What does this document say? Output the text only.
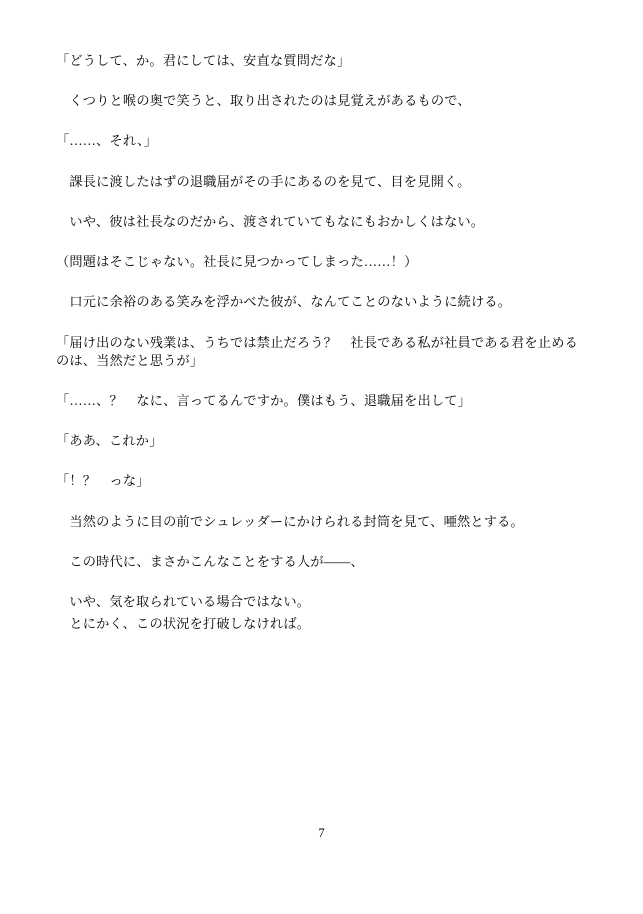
「どうして、か。君にしては、安直な質問だな」

　くつりと喉の奥で笑うと、取り出されたのは見覚えがあるもので、

「……、それ、」

　課長に渡したはずの退職届がその手にあるのを見て、目を見開く。

　いや、彼は社長なのだから、渡されていてもなにもおかしくはない。

（問題はそこじゃない。社長に見つかってしまった……！）

　口元に余裕のある笑みを浮かべた彼が、なんてことのないように続ける。

「届け出のない残業は、うちでは禁止だろう？　社長である私が社員である君を止めるのは、当然だと思うが」

「……、？　なに、言ってるんですか。僕はもう、退職届を出して」

「ああ、これか」

「！？　っな」

　当然のように目の前でシュレッダーにかけられる封筒を見て、唖然とする。

　この時代に、まさかこんなことをする人が――、

　いや、気を取られている場合ではない。

　とにかく、この状況を打破しなければ。

7
